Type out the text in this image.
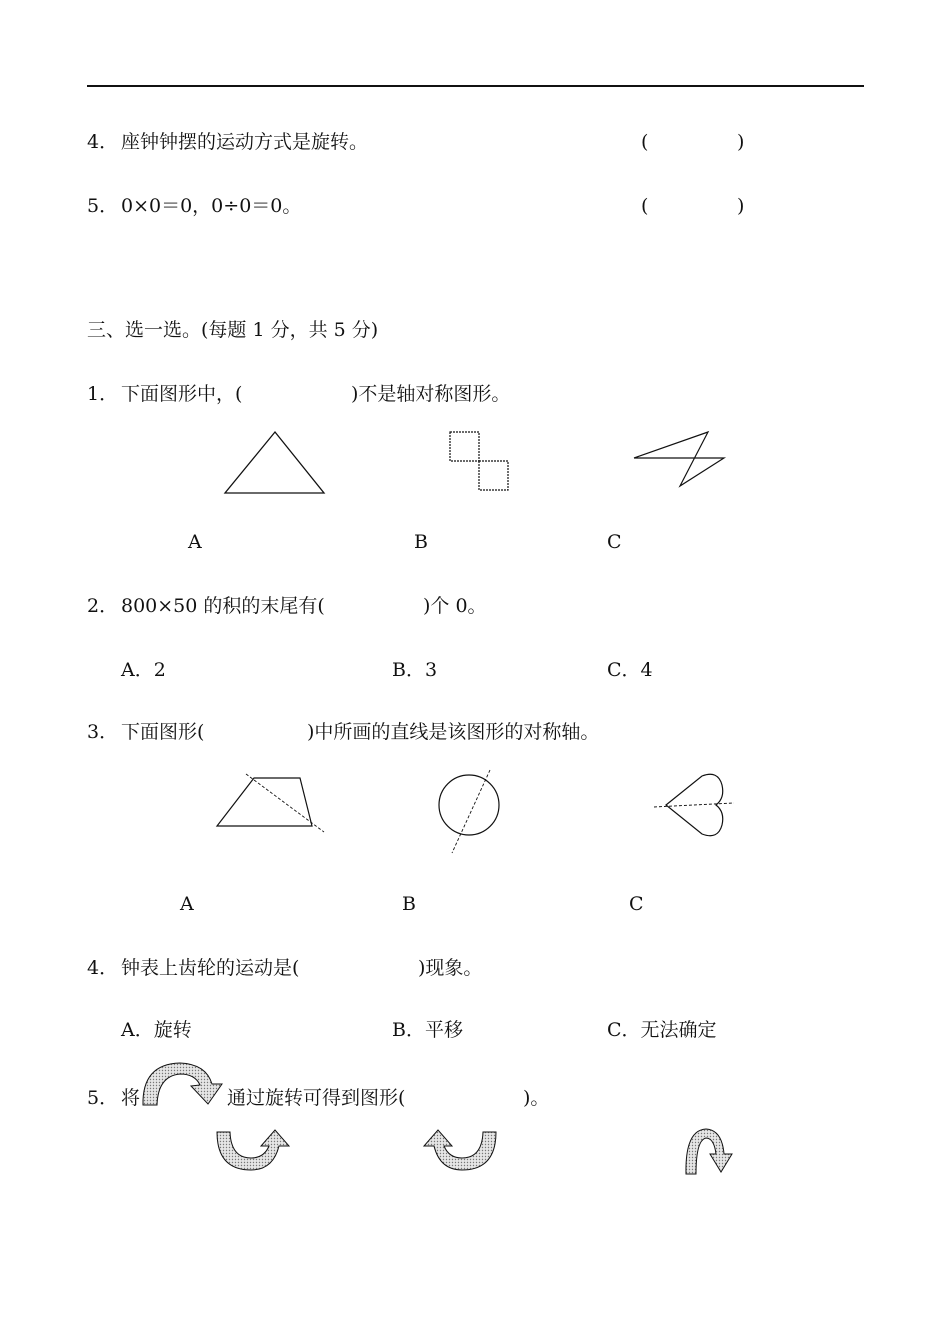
4． 座钟钟摆的运动方式是旋转。	(	)
5． 0×0＝0，0÷0＝0。	(	)
三、选一选。(每题 1 分，共 5 分)
1． 下面图形中，(	)不是轴对称图形。
A	B	C
2． 800×50 的积的末尾有(	)个 0。
A．2	B．3	C．4
3． 下面图形(	)中所画的直线是该图形的对称轴。
A	B	C
4． 钟表上齿轮的运动是(	)现象。
A．旋转	B．平移	C．无法确定
5． 将	通过旋转可得到图形(	)。
